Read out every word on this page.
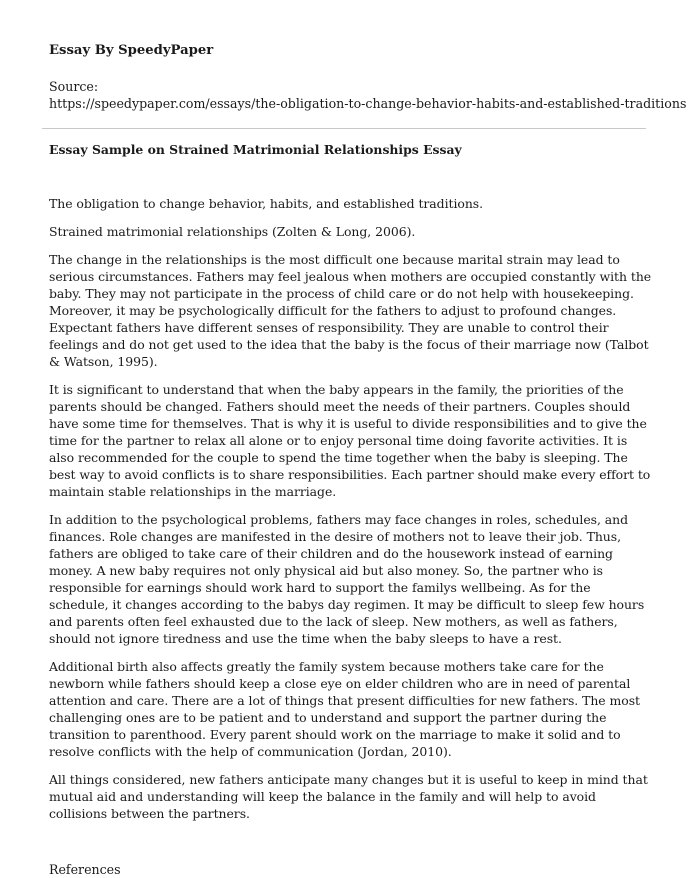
Essay By SpeedyPaper

Source:

https://speedypaper.com/essays/the-obligation-to-change-behavior-habits-and-established-traditions

Essay Sample on Strained Matrimonial Relationships Essay

The obligation to change behavior, habits, and established traditions.

Strained matrimonial relationships (Zolten & Long, 2006).

The change in the relationships is the most difficult one because marital strain may lead to serious circumstances. Fathers may feel jealous when mothers are occupied constantly with the baby. They may not participate in the process of child care or do not help with housekeeping. Moreover, it may be psychologically difficult for the fathers to adjust to profound changes. Expectant fathers have different senses of responsibility. They are unable to control their feelings and do not get used to the idea that the baby is the focus of their marriage now (Talbot & Watson, 1995).

It is significant to understand that when the baby appears in the family, the priorities of the parents should be changed. Fathers should meet the needs of their partners. Couples should have some time for themselves. That is why it is useful to divide responsibilities and to give the time for the partner to relax all alone or to enjoy personal time doing favorite activities. It is also recommended for the couple to spend the time together when the baby is sleeping. The best way to avoid conflicts is to share responsibilities. Each partner should make every effort to maintain stable relationships in the marriage.

In addition to the psychological problems, fathers may face changes in roles, schedules, and finances. Role changes are manifested in the desire of mothers not to leave their job. Thus, fathers are obliged to take care of their children and do the housework instead of earning money. A new baby requires not only physical aid but also money. So, the partner who is responsible for earnings should work hard to support the familys wellbeing. As for the schedule, it changes according to the babys day regimen. It may be difficult to sleep few hours and parents often feel exhausted due to the lack of sleep. New mothers, as well as fathers, should not ignore tiredness and use the time when the baby sleeps to have a rest.

Additional birth also affects greatly the family system because mothers take care for the newborn while fathers should keep a close eye on elder children who are in need of parental attention and care. There are a lot of things that present difficulties for new fathers. The most challenging ones are to be patient and to understand and support the partner during the transition to parenthood. Every parent should work on the marriage to make it solid and to resolve conflicts with the help of communication (Jordan, 2010).

All things considered, new fathers anticipate many changes but it is useful to keep in mind that mutual aid and understanding will keep the balance in the family and will help to avoid collisions between the partners.

References
